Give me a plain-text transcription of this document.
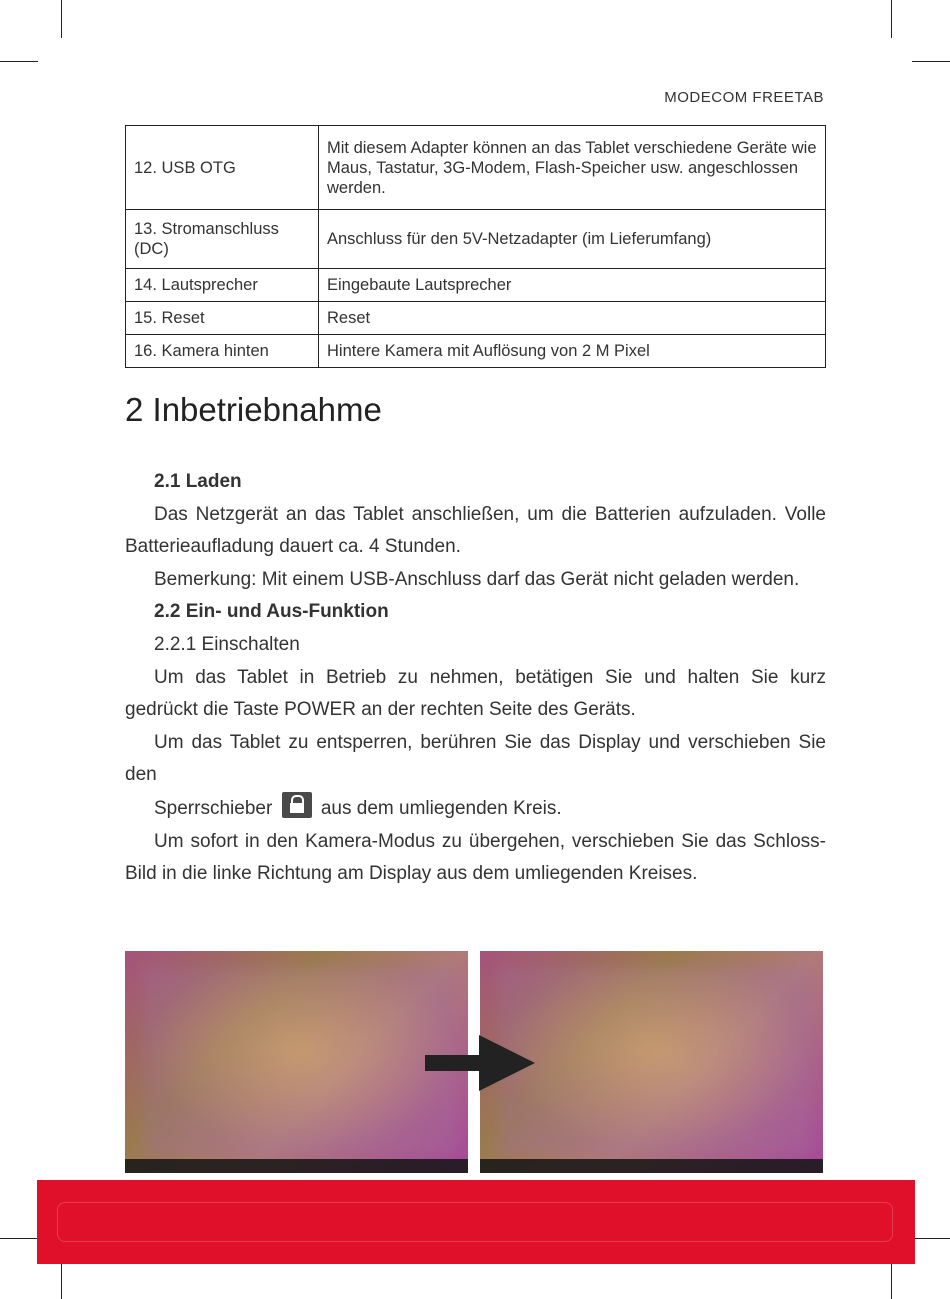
MODECOM FREETAB
12. USB OTG	Mit diesem Adapter können an das Tablet verschiedene Geräte wie Maus, Tastatur, 3G-Modem, Flash-Speicher usw. angeschlossen werden.
13. Stromanschluss (DC)	Anschluss für den 5V-Netzadapter (im Lieferumfang)
14. Lautsprecher	Eingebaute Lautsprecher
15. Reset	Reset
16. Kamera hinten	Hintere Kamera mit Auflösung von 2 M Pixel
2 Inbetriebnahme

2.1 Laden

Das Netzgerät an das Tablet anschließen, um die Batterien aufzuladen. Volle Batterieaufladung dauert ca. 4 Stunden.

Bemerkung: Mit einem USB-Anschluss darf das Gerät nicht geladen werden.

2.2 Ein- und Aus-Funktion

2.2.1 Einschalten

Um das Tablet in Betrieb zu nehmen, betätigen Sie und halten Sie kurz gedrückt die Taste POWER an der rechten Seite des Geräts.

Um das Tablet zu entsperren, berühren Sie das Display und verschieben Sie den

Sperrschieber	aus dem umliegenden Kreis.

Um sofort in den Kamera-Modus zu übergehen, verschieben Sie das Schloss-Bild in die linke Richtung am Display aus dem umliegenden Kreises.
